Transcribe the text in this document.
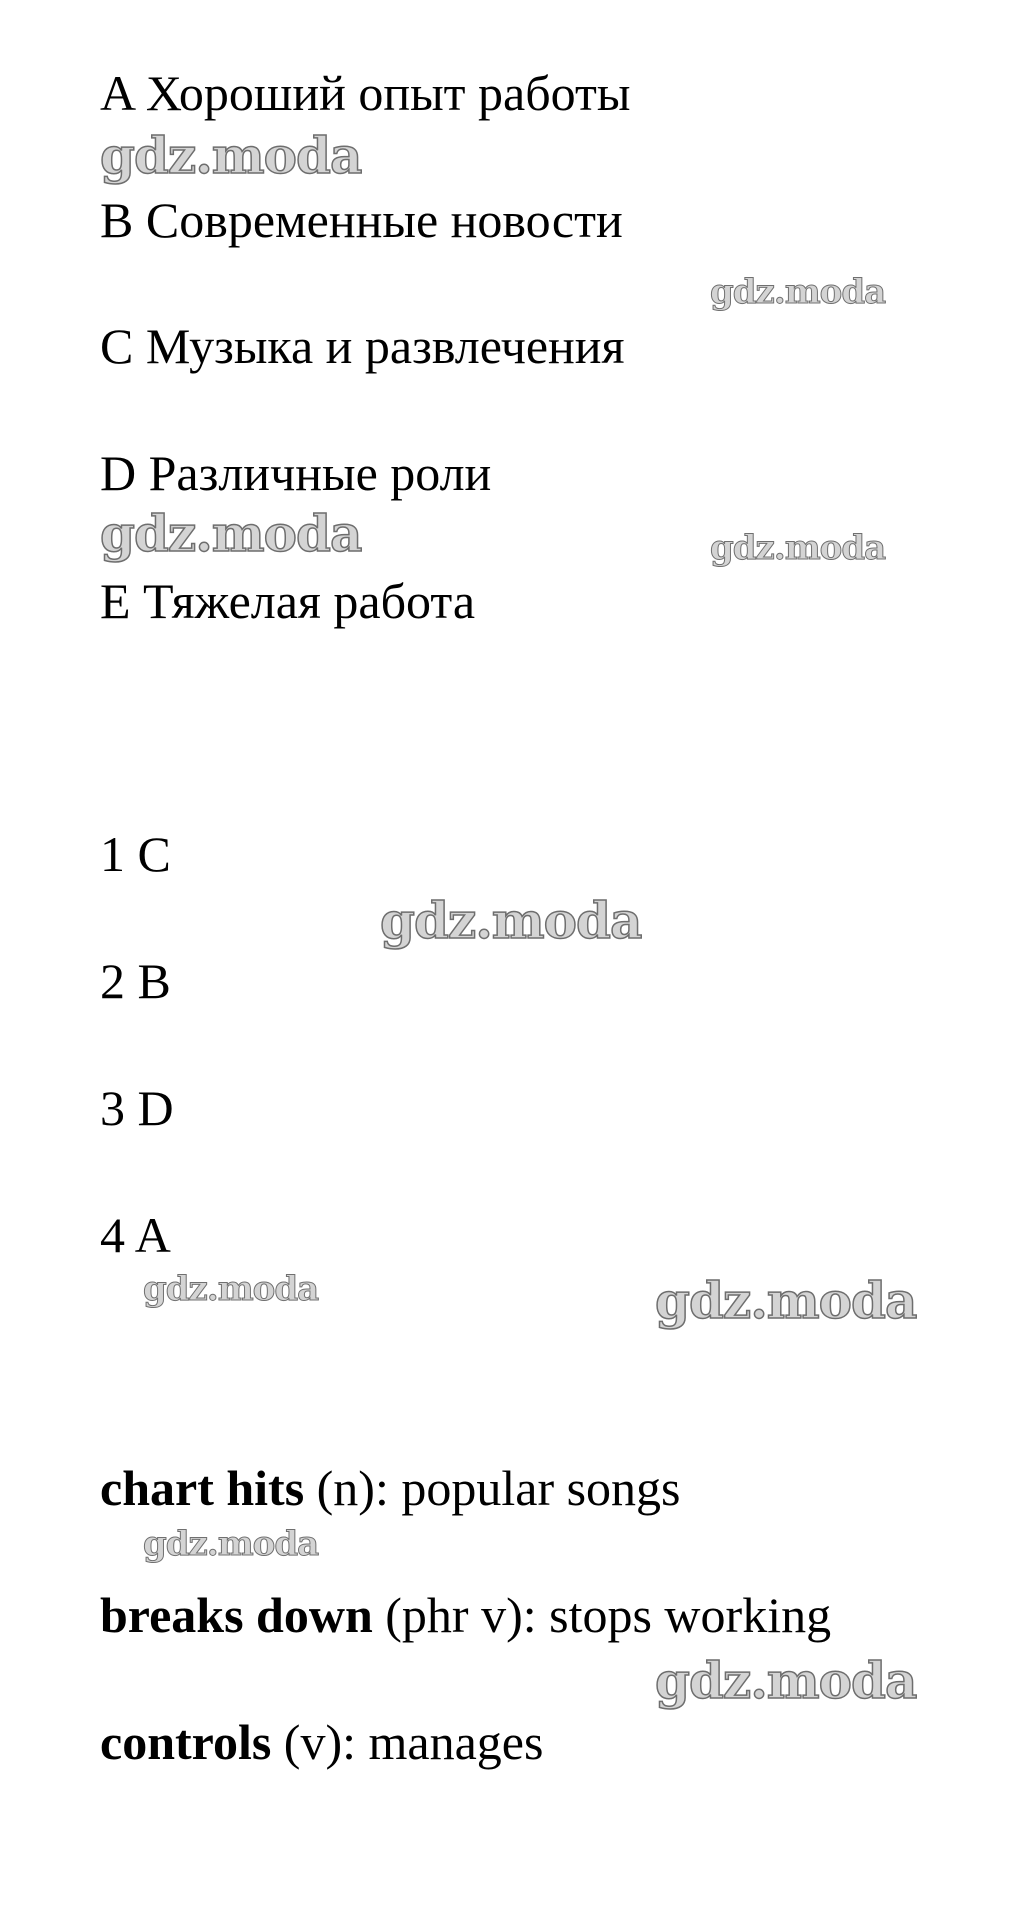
A Хороший опыт работы

B Современные новости

C Музыка и развлечения

D Различные роли

E Тяжелая работа

1 C

2 B

3 D

4 A

chart hits (n): popular songs

breaks down (phr v): stops working

controls (v): manages

gdz.moda
gdz.moda
gdz.moda	gdz.moda
gdz.moda
gdz.moda	gdz.moda
gdz.moda
gdz.moda
